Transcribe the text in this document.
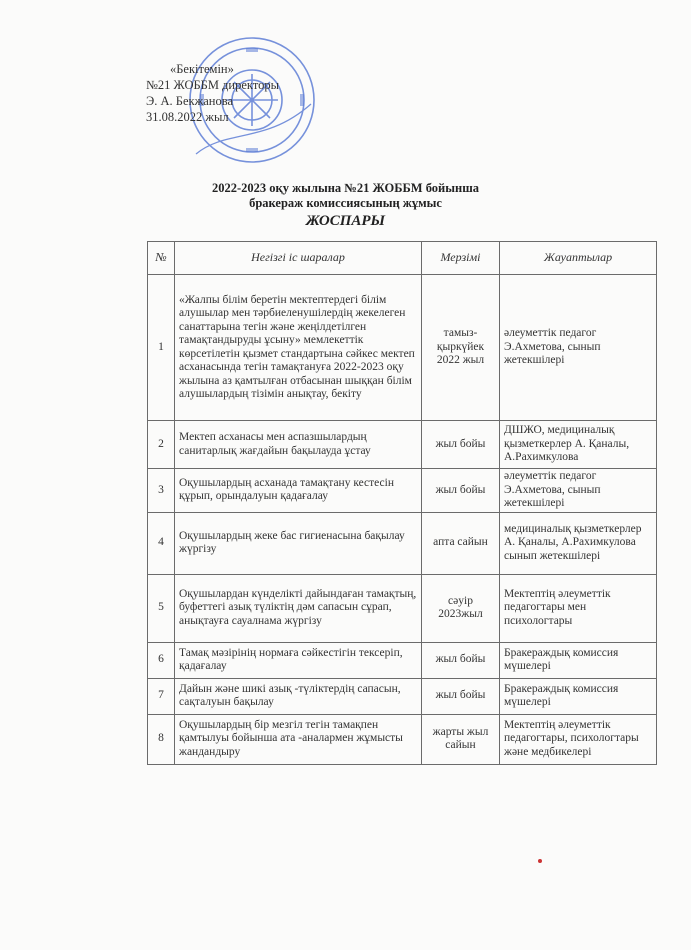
«Бекітемін»
№21 ЖОББМ директоры
Э. А. Бекжанова
31.08.2022 жыл
2022-2023 оқу жылына №21 ЖОББМ бойынша
бракераж комиссиясының жұмыс
ЖОСПАРЫ
№	Негізгі іс шаралар	Мерзімі	Жауаптылар
1	«Жалпы білім беретін мектептердегі білім алушылар мен тәрбиеленушілердің жекелеген санаттарына тегін және жеңілдетілген тамақтандыруды ұсыну» мемлекеттік көрсетілетін қызмет стандартына сәйкес мектеп асханасында тегін тамақтануға 2022-2023 оқу жылына аз қамтылған отбасынан шыққан білім алушылардың тізімін анықтау, бекіту	тамыз-қыркүйек 2022 жыл	әлеуметтік педагог Э.Ахметова, сынып жетекшілері
2	Мектеп асханасы мен аспазшылардың санитарлық жағдайын бақылауда ұстау	жыл бойы	ДШЖО, медициналық қызметкерлер А. Қаналы, А.Рахимкулова
3	Оқушылардың асханада тамақтану кестесін құрып, орындалуын қадағалау	жыл бойы	әлеуметтік педагог Э.Ахметова, сынып жетекшілері
4	Оқушылардың жеке бас гигиенасына бақылау жүргізу	апта сайын	медициналық қызметкерлер А. Қаналы, А.Рахимкулова сынып жетекшілері
5	Оқушылардан күнделікті дайындаған тамақтың, буфеттегі азық түліктің дәм сапасын сұрап, анықтауға сауалнама жүргізу	сәуір 2023жыл	Мектептің әлеуметтік педагогтары мен психологтары
6	Тамақ мәзірінің нормаға сәйкестігін тексеріп, қадағалау	жыл бойы	Бракераждық комиссия мүшелері
7	Дайын және шикі азық -түліктердің сапасын, сақталуын бақылау	жыл бойы	Бракераждық комиссия мүшелері
8	Оқушылардың бір мезгіл тегін тамақпен қамтылуы бойынша ата -аналармен жұмысты жандандыру	жарты жыл сайын	Мектептің әлеуметтік педагогтары, психологтары және медбикелері
